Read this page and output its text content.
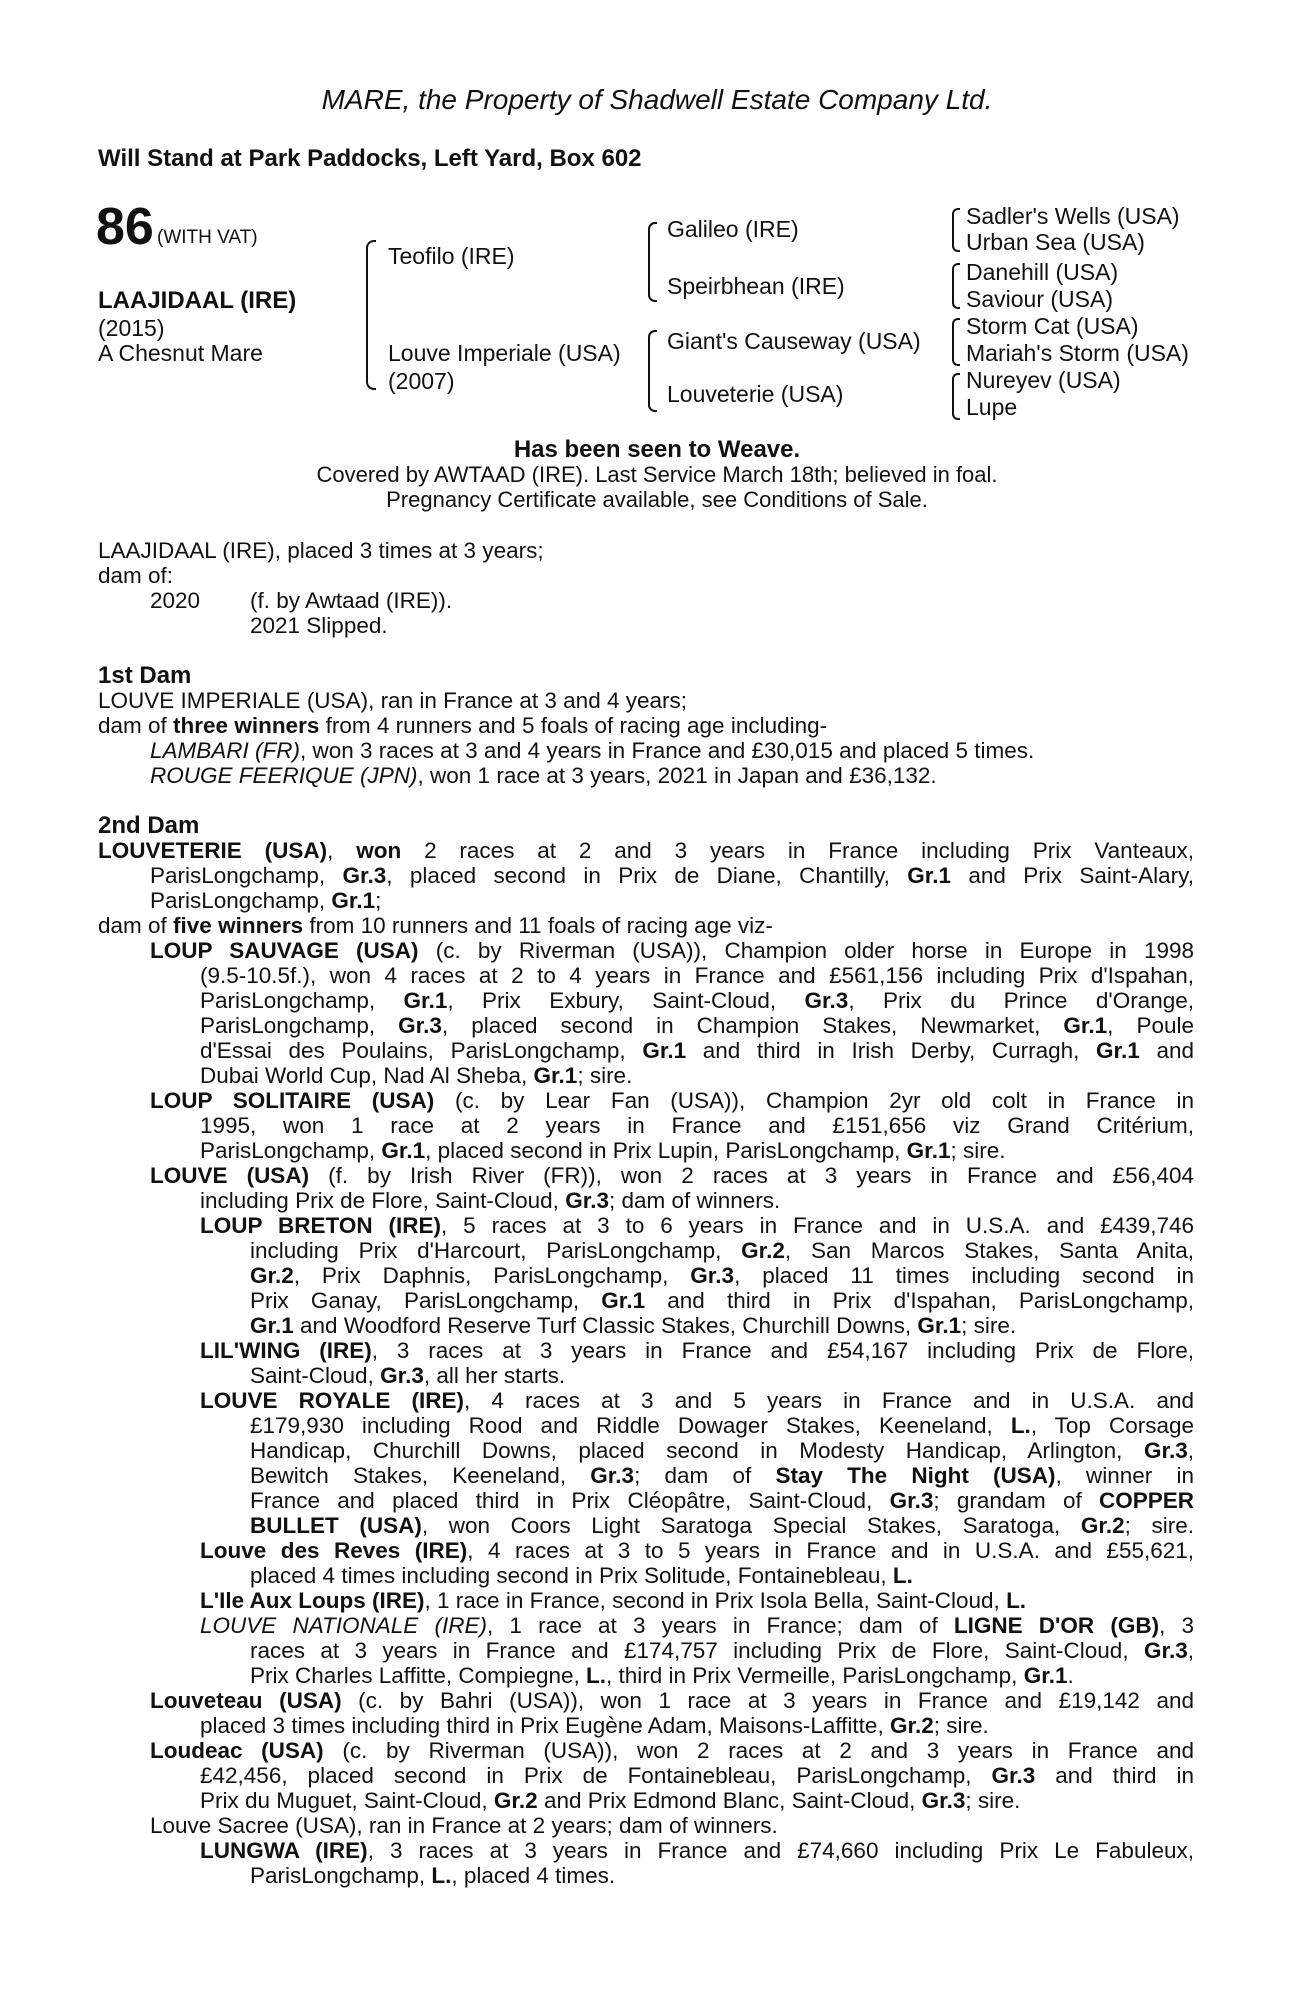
MARE, the Property of Shadwell Estate Company Ltd.
Will Stand at Park Paddocks, Left Yard, Box 602
86 (WITH VAT)
LAAJIDAAL (IRE)
(2015)
A Chesnut Mare
Teofilo (IRE)
Louve Imperiale (USA)
(2007)
Galileo (IRE)
Speirbhean (IRE)
Giant's Causeway (USA)
Louveterie (USA)
Sadler's Wells (USA)
Urban Sea (USA)
Danehill (USA)
Saviour (USA)
Storm Cat (USA)
Mariah's Storm (USA)
Nureyev (USA)
Lupe
Has been seen to Weave.
Covered by AWTAAD (IRE). Last Service March 18th; believed in foal.
Pregnancy Certificate available, see Conditions of Sale.
LAAJIDAAL (IRE), placed 3 times at 3 years;
dam of:
2020	(f. by Awtaad (IRE)).
2021 Slipped.
1st Dam
LOUVE IMPERIALE (USA), ran in France at 3 and 4 years;
dam of three winners from 4 runners and 5 foals of racing age including-
LAMBARI (FR), won 3 races at 3 and 4 years in France and £30,015 and placed 5 times.
ROUGE FEERIQUE (JPN), won 1 race at 3 years, 2021 in Japan and £36,132.
2nd Dam
LOUVETERIE (USA), won 2 races at 2 and 3 years in France including Prix Vanteaux,
ParisLongchamp, Gr.3, placed second in Prix de Diane, Chantilly, Gr.1 and Prix Saint-Alary,
ParisLongchamp, Gr.1;
dam of five winners from 10 runners and 11 foals of racing age viz-
LOUP SAUVAGE (USA) (c. by Riverman (USA)), Champion older horse in Europe in 1998
(9.5-10.5f.), won 4 races at 2 to 4 years in France and £561,156 including Prix d'Ispahan,
ParisLongchamp, Gr.1, Prix Exbury, Saint-Cloud, Gr.3, Prix du Prince d'Orange,
ParisLongchamp, Gr.3, placed second in Champion Stakes, Newmarket, Gr.1, Poule
d'Essai des Poulains, ParisLongchamp, Gr.1 and third in Irish Derby, Curragh, Gr.1 and
Dubai World Cup, Nad Al Sheba, Gr.1; sire.
LOUP SOLITAIRE (USA) (c. by Lear Fan (USA)), Champion 2yr old colt in France in
1995, won 1 race at 2 years in France and £151,656 viz Grand Critérium,
ParisLongchamp, Gr.1, placed second in Prix Lupin, ParisLongchamp, Gr.1; sire.
LOUVE (USA) (f. by Irish River (FR)), won 2 races at 3 years in France and £56,404
including Prix de Flore, Saint-Cloud, Gr.3; dam of winners.
LOUP BRETON (IRE), 5 races at 3 to 6 years in France and in U.S.A. and £439,746
including Prix d'Harcourt, ParisLongchamp, Gr.2, San Marcos Stakes, Santa Anita,
Gr.2, Prix Daphnis, ParisLongchamp, Gr.3, placed 11 times including second in
Prix Ganay, ParisLongchamp, Gr.1 and third in Prix d'Ispahan, ParisLongchamp,
Gr.1 and Woodford Reserve Turf Classic Stakes, Churchill Downs, Gr.1; sire.
LIL'WING (IRE), 3 races at 3 years in France and £54,167 including Prix de Flore,
Saint-Cloud, Gr.3, all her starts.
LOUVE ROYALE (IRE), 4 races at 3 and 5 years in France and in U.S.A. and
£179,930 including Rood and Riddle Dowager Stakes, Keeneland, L., Top Corsage
Handicap, Churchill Downs, placed second in Modesty Handicap, Arlington, Gr.3,
Bewitch Stakes, Keeneland, Gr.3; dam of Stay The Night (USA), winner in
France and placed third in Prix Cléopâtre, Saint-Cloud, Gr.3; grandam of COPPER
BULLET (USA), won Coors Light Saratoga Special Stakes, Saratoga, Gr.2; sire.
Louve des Reves (IRE), 4 races at 3 to 5 years in France and in U.S.A. and £55,621,
placed 4 times including second in Prix Solitude, Fontainebleau, L.
L'Ile Aux Loups (IRE), 1 race in France, second in Prix Isola Bella, Saint-Cloud, L.
LOUVE NATIONALE (IRE), 1 race at 3 years in France; dam of LIGNE D'OR (GB), 3
races at 3 years in France and £174,757 including Prix de Flore, Saint-Cloud, Gr.3,
Prix Charles Laffitte, Compiegne, L., third in Prix Vermeille, ParisLongchamp, Gr.1.
Louveteau (USA) (c. by Bahri (USA)), won 1 race at 3 years in France and £19,142 and
placed 3 times including third in Prix Eugène Adam, Maisons-Laffitte, Gr.2; sire.
Loudeac (USA) (c. by Riverman (USA)), won 2 races at 2 and 3 years in France and
£42,456, placed second in Prix de Fontainebleau, ParisLongchamp, Gr.3 and third in
Prix du Muguet, Saint-Cloud, Gr.2 and Prix Edmond Blanc, Saint-Cloud, Gr.3; sire.
Louve Sacree (USA), ran in France at 2 years; dam of winners.
LUNGWA (IRE), 3 races at 3 years in France and £74,660 including Prix Le Fabuleux,
ParisLongchamp, L., placed 4 times.
